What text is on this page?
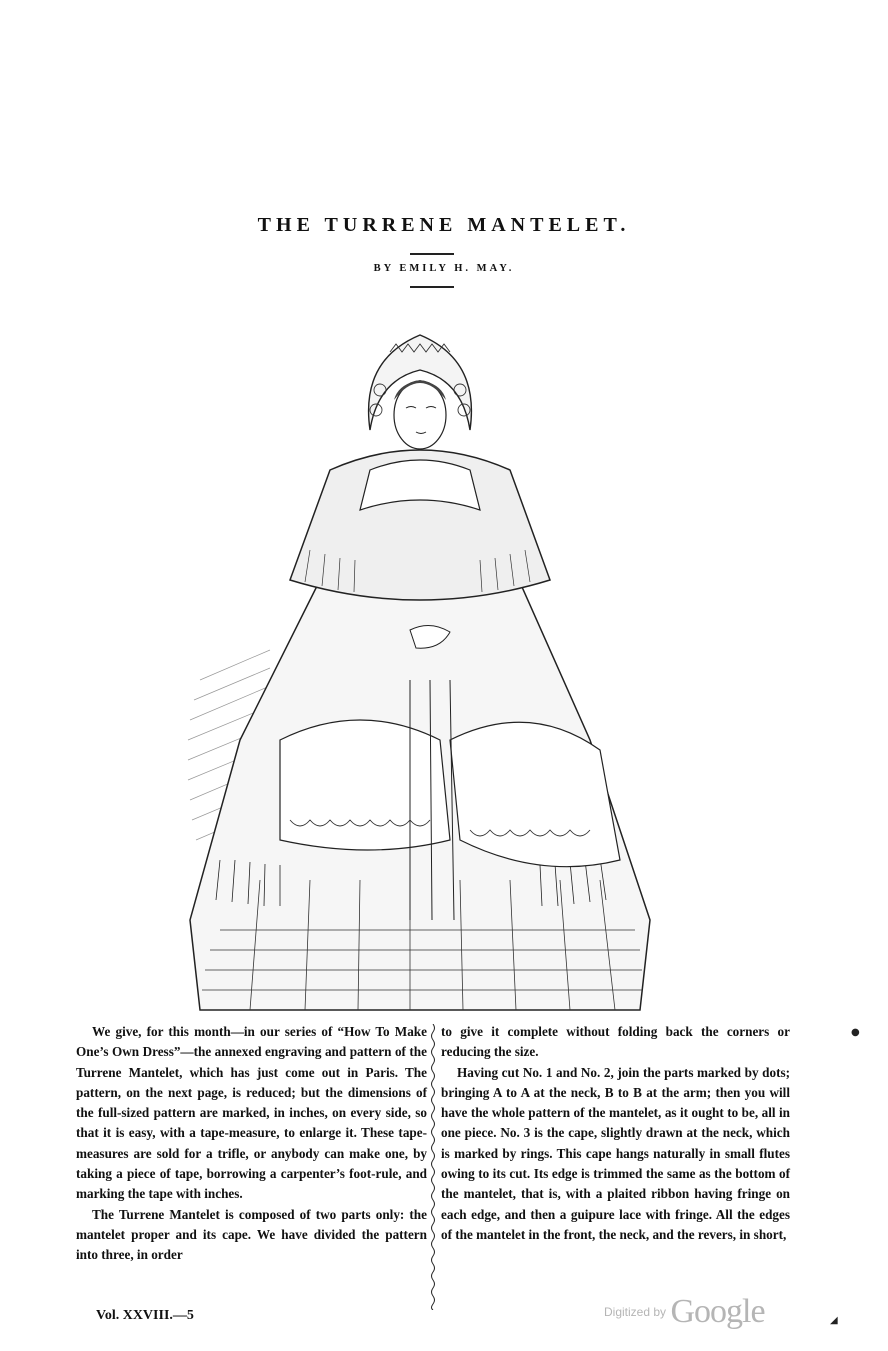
THE TURRENE MANTELET.
BY EMILY H. MAY.

We give, for this month—in our series of “How To Make One’s Own Dress”—the annexed engraving and pattern of the Turrene Mantelet, which has just come out in Paris. The pattern, on the next page, is reduced; but the dimensions of the full-sized pattern are marked, in inches, on every side, so that it is easy, with a tape-measure, to enlarge it. These tape-measures are sold for a trifle, or anybody can make one, by taking a piece of tape, borrowing a carpenter’s foot-rule, and marking the tape with inches.

The Turrene Mantelet is composed of two parts only: the mantelet proper and its cape. We have divided the pattern into three, in order

to give it complete without folding back the corners or reducing the size.

Having cut No. 1 and No. 2, join the parts marked by dots; bringing A to A at the neck, B to B at the arm; then you will have the whole pattern of the mantelet, as it ought to be, all in one piece. No. 3 is the cape, slightly drawn at the neck, which is marked by rings. This cape hangs naturally in small flutes owing to its cut. Its edge is trimmed the same as the bottom of the mantelet, that is, with a plaited ribbon having fringe on each edge, and then a guipure lace with fringe. All the edges of the mantelet in the front, the neck, and the revers, in short,

Vol. XXVIII.—5	Digitized by Google
●
◢
